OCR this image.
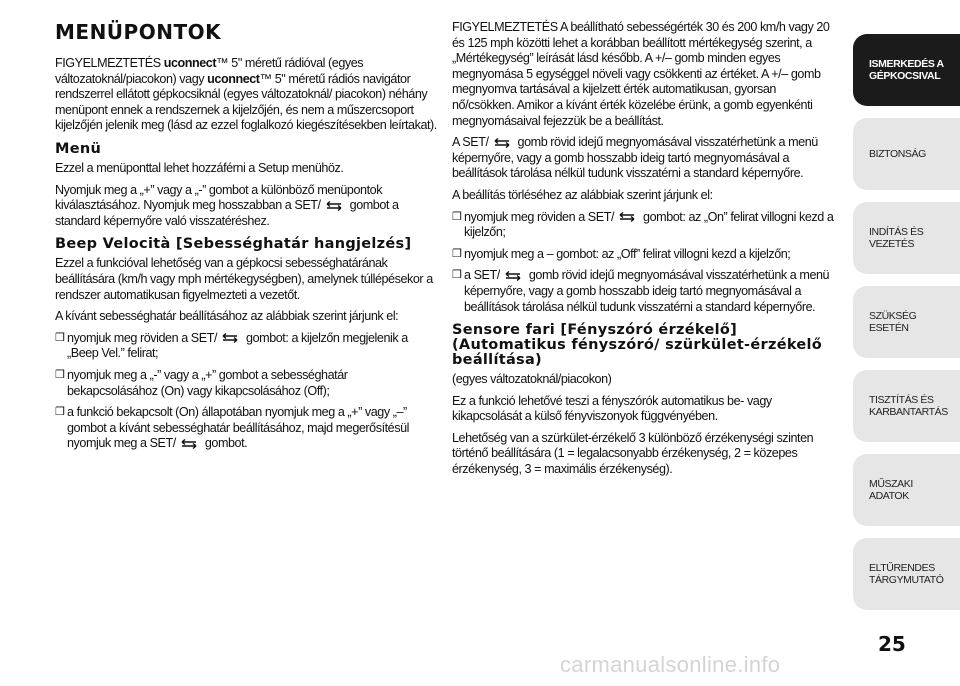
MENÜPONTOK

FIGYELMEZTETÉS uconnect™ 5" méretű rádióval (egyes változatoknál/piacokon) vagy uconnect™ 5" méretű rádiós navigátor rendszerrel ellátott gépkocsiknál (egyes változatoknál/ piacokon) néhány menüpont ennek a rendszernek a kijelzőjén, és nem a műszercsoport kijelzőjén jelenik meg (lásd az ezzel foglalkozó kiegészítésekben leírtakat).

Menü

Ezzel a menüponttal lehet hozzáférni a Setup menühöz.

Nyomjuk meg a „+” vagy a „-” gombot a különböző menüpontok kiválasztásához. Nyomjuk meg hosszabban a SET/
gombot a standard képernyőre való visszatéréshez.

Beep Velocità [Sebességhatár hangjelzés]

Ezzel a funkcióval lehetőség van a gépkocsi sebességhatárának beállítására (km/h vagy mph mértékegységben), amelynek túllépésekor a rendszer automatikusan figyelmezteti a vezetőt.

A kívánt sebességhatár beállításához az alábbiak szerint járjunk el:

❒ nyomjuk meg röviden a SET/
gombot: a kijelzőn megjelenik a „Beep Vel.” felirat;
❒ nyomjuk meg a „-” vagy a „+” gombot a sebességhatár bekapcsolásához (On) vagy kikapcsolásához (Off);
❒ a funkció bekapcsolt (On) állapotában nyomjuk meg a „+” vagy „–” gombot a kívánt sebességhatár beállításához, majd megerősítésül nyomjuk meg a SET/
gombot.

FIGYELMEZTETÉS A beállítható sebességérték 30 és 200 km/h vagy 20 és 125 mph közötti lehet a korábban beállított mértékegység szerint, a „Mértékegység” leírását lásd később. A +/– gomb minden egyes megnyomása 5 egységgel növeli vagy csökkenti az értéket. A +/– gomb megnyomva tartásával a kijelzett érték automatikusan, gyorsan nő/csökken. Amikor a kívánt érték közelébe érünk, a gomb egyenkénti megnyomásaival fejezzük be a beállítást.

A SET/
gomb rövid idejű megnyomásával visszatérhetünk a menü képernyőre, vagy a gomb hosszabb ideig tartó megnyomásával a beállítások tárolása nélkül tudunk visszatérni a standard képernyőre.

A beállítás törléséhez az alábbiak szerint járjunk el:

❒ nyomjuk meg röviden a SET/
gombot: az „On” felirat villogni kezd a kijelzőn;
❒ nyomjuk meg a – gombot: az „Off” felirat villogni kezd a kijelzőn;
❒ a SET/
gomb rövid idejű megnyomásával visszatérhetünk a menü képernyőre, vagy a gomb hosszabb ideig tartó megnyomásával a beállítások tárolása nélkül tudunk visszatérni a standard képernyőre.
Sensore fari [Fényszóró érzékelő] (Automatikus fényszóró/ szürkület-érzékelő beállítása)

(egyes változatoknál/piacokon)

Ez a funkció lehetővé teszi a fényszórók automatikus be- vagy kikapcsolását a külső fényviszonyok függvényében.

Lehetőség van a szürkület-érzékelő 3 különböző érzékenységi szinten történő beállítására (1 = legalacsonyabb érzékenység, 2 = közepes érzékenység, 3 = maximális érzékenység).

ISMERKEDÉS A GÉPKOCSIVAL
BIZTONSÁG
INDÍTÁS ÉS VEZETÉS
SZÜKSÉG ESETÉN
TISZTÍTÁS ÉS KARBANTARTÁS
MŰSZAKI ADATOK
ELTŰRENDES TÁRGYMUTATÓ
25
carmanualsonline.info
